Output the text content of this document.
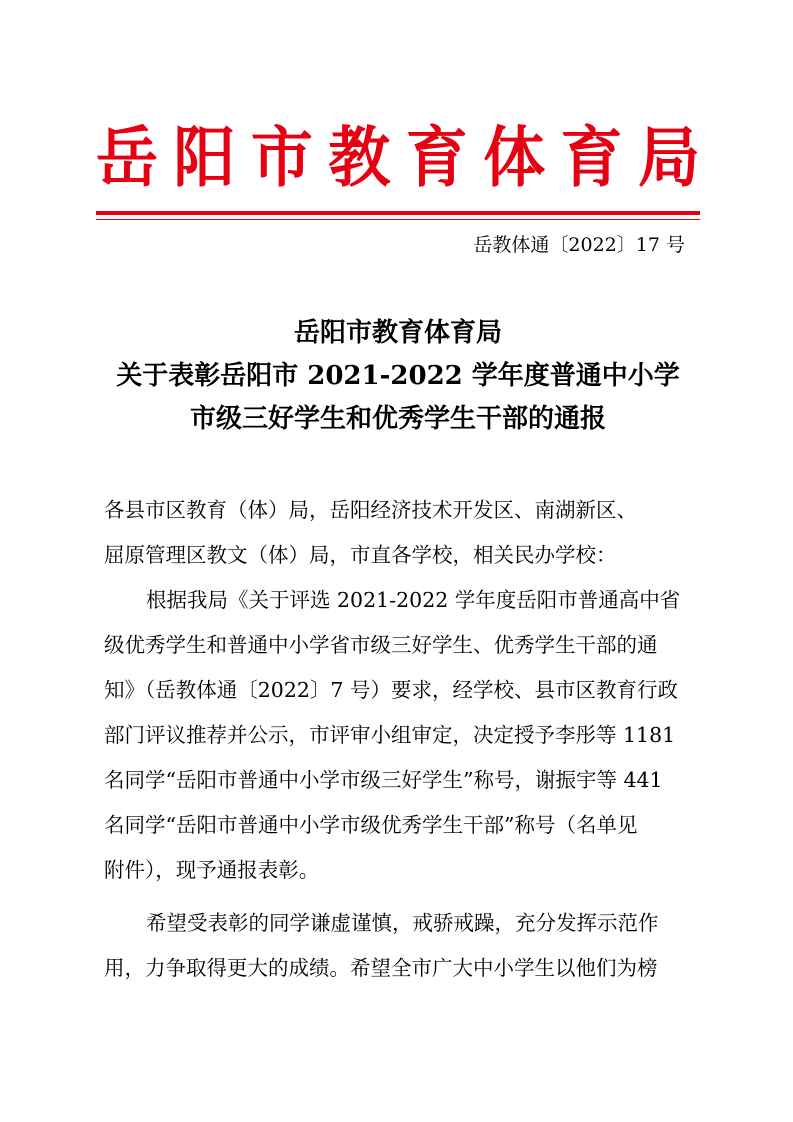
岳 阳 市 教 育 体 育 局
岳教体通〔2022〕17 号
岳阳市教育体育局
关于表彰岳阳市 2021-2022 学年度普通中小学
市级三好学生和优秀学生干部的通报
各县市区教育（体）局，岳阳经济技术开发区、南湖新区、
屈原管理区教文（体）局，市直各学校，相关民办学校：
根据我局《关于评选 2021-2022 学年度岳阳市普通高中省
级优秀学生和普通中小学省市级三好学生、优秀学生干部的通
知》（岳教体通〔2022〕7 号）要求，经学校、县市区教育行政
部门评议推荐并公示，市评审小组审定，决定授予李彤等 1181
名同学“岳阳市普通中小学市级三好学生”称号，谢振宇等 441
名同学“岳阳市普通中小学市级优秀学生干部”称号（名单见
附件），现予通报表彰。
希望受表彰的同学谦虚谨慎，戒骄戒躁，充分发挥示范作
用，力争取得更大的成绩。希望全市广大中小学生以他们为榜
